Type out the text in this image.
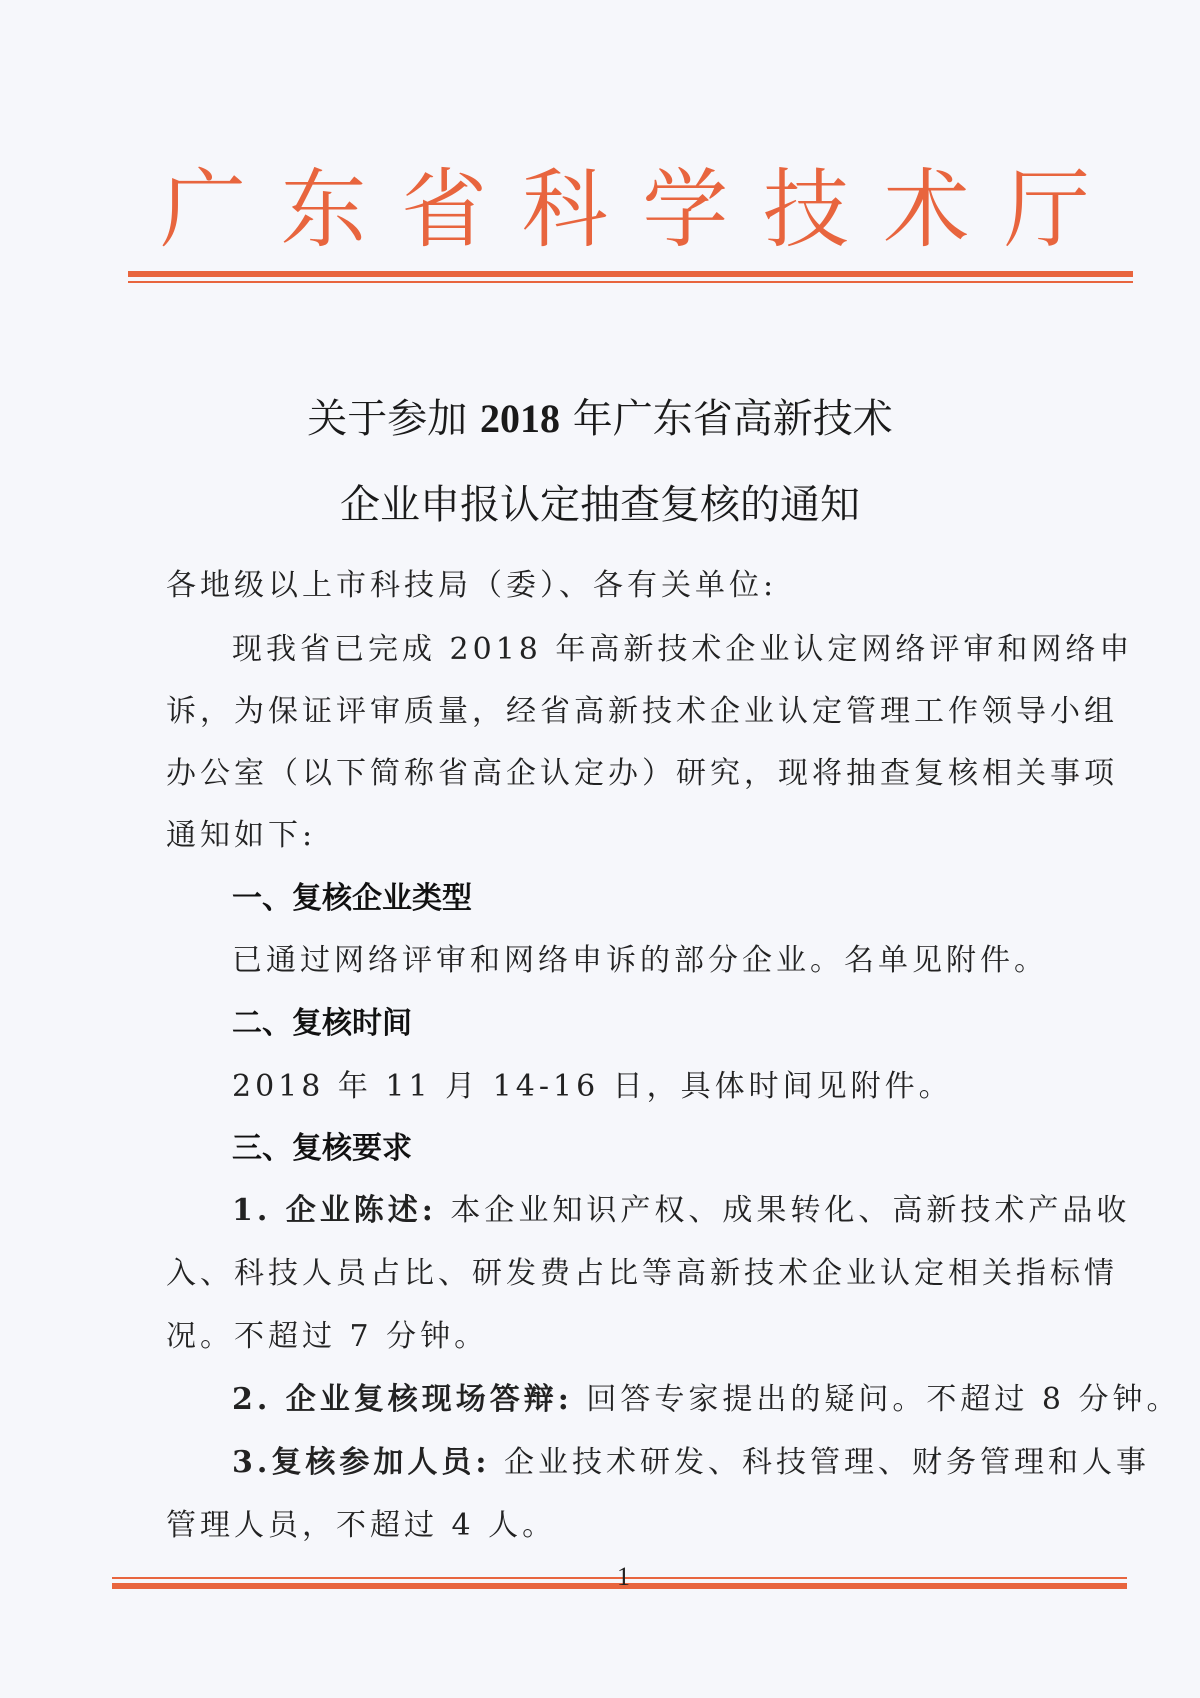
广 东 省 科 学 技 术 厅
关于参加 2018 年广东省高新技术
企业申报认定抽查复核的通知
各地级以上市科技局（委）、各有关单位:
现我省已完成 2018 年高新技术企业认定网络评审和网络申
诉，为保证评审质量，经省高新技术企业认定管理工作领导小组
办公室（以下简称省高企认定办）研究，现将抽查复核相关事项
通知如下:
一、复核企业类型
已通过网络评审和网络申诉的部分企业。名单见附件。
二、复核时间
2018 年 11 月 14-16 日，具体时间见附件。
三、复核要求
1. 企业陈述: 本企业知识产权、成果转化、高新技术产品收
入、科技人员占比、研发费占比等高新技术企业认定相关指标情
况。不超过 7 分钟。
2. 企业复核现场答辩: 回答专家提出的疑问。不超过 8 分钟。
3.复核参加人员: 企业技术研发、科技管理、财务管理和人事
管理人员，不超过 4 人。
1
